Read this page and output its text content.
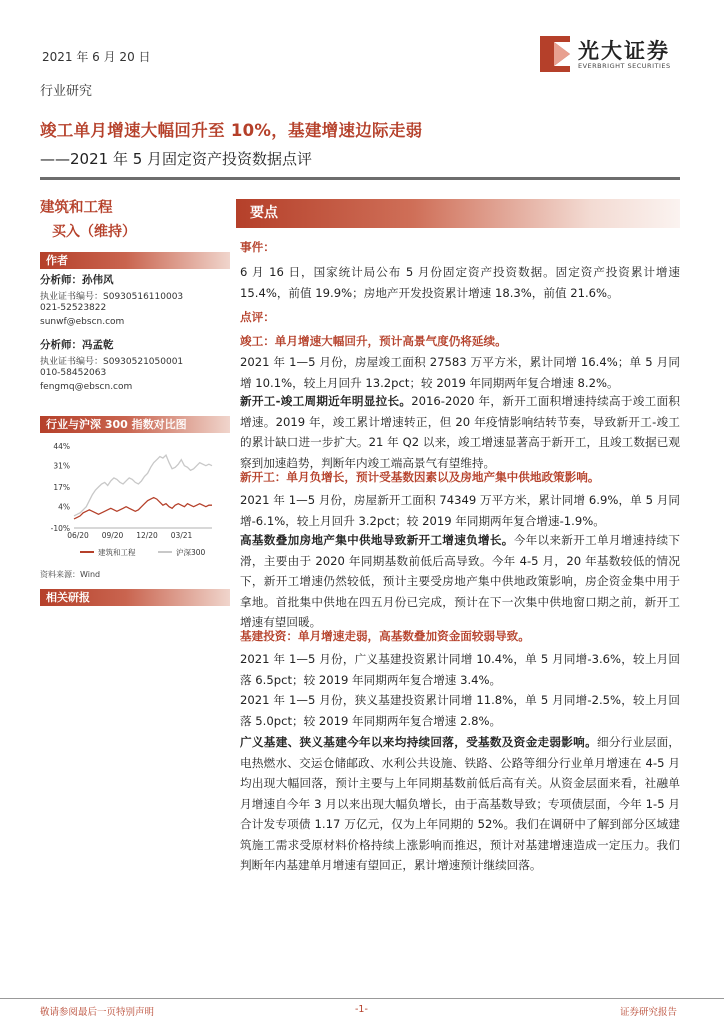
2021 年 6 月 20 日	光大证券
EVERBRIGHT SECURITIES
行业研究
竣工单月增速大幅回升至 10%，基建增速边际走弱
——2021 年 5 月固定资产投资数据点评
建筑和工程
买入（维持）
作者
分析师：孙伟风
执业证书编号：S0930516110003
021-52523822
sunwf@ebscn.com
分析师：冯孟乾
执业证书编号：S0930521050001
010-58452063
fengmq@ebscn.com
行业与沪深 300 指数对比图
44%
31%
17%
4%
-10%
06/20 09/20 12/20 03/21
建筑和工程	沪深300
资料来源：Wind
相关研报
要点
事件：
6 月 16 日，国家统计局公布 5 月份固定资产投资数据。固定资产投资累计增速 15.4%，前值 19.9%；房地产开发投资累计增速 18.3%，前值 21.6%。
点评：
竣工：单月增速大幅回升，预计高景气度仍将延续。
2021 年 1—5 月份，房屋竣工面积 27583 万平方米，累计同增 16.4%；单 5 月同增 10.1%，较上月回升 13.2pct；较 2019 年同期两年复合增速 8.2%。
新开工-竣工周期近年明显拉长。2016-2020 年，新开工面积增速持续高于竣工面积增速。2019 年，竣工累计增速转正，但 20 年疫情影响结转节奏，导致新开工-竣工的累计缺口进一步扩大。21 年 Q2 以来，竣工增速显著高于新开工，且竣工数据已观察到加速趋势，判断年内竣工端高景气有望维持。
新开工：单月负增长，预计受基数因素以及房地产集中供地政策影响。
2021 年 1—5 月份，房屋新开工面积 74349 万平方米，累计同增 6.9%，单 5 月同增-6.1%，较上月回升 3.2pct；较 2019 年同期两年复合增速-1.9%。
高基数叠加房地产集中供地导致新开工增速负增长。今年以来新开工单月增速持续下滑，主要由于 2020 年同期基数前低后高导致。今年 4-5 月，20 年基数较低的情况下，新开工增速仍然较低，预计主要受房地产集中供地政策影响，房企资金集中用于拿地。首批集中供地在四五月份已完成，预计在下一次集中供地窗口期之前，新开工增速有望回暖。
基建投资：单月增速走弱，高基数叠加资金面较弱导致。
2021 年 1—5 月份，广义基建投资累计同增 10.4%，单 5 月同增-3.6%，较上月回落 6.5pct；较 2019 年同期两年复合增速 3.4%。
2021 年 1—5 月份，狭义基建投资累计同增 11.8%，单 5 月同增-2.5%，较上月回落 5.0pct；较 2019 年同期两年复合增速 2.8%。
广义基建、狭义基建今年以来均持续回落，受基数及资金走弱影响。细分行业层面，电热燃水、交运仓储邮政、水利公共设施、铁路、公路等细分行业单月增速在 4-5 月均出现大幅回落，预计主要与上年同期基数前低后高有关。从资金层面来看，社融单月增速自今年 3 月以来出现大幅负增长，由于高基数导致；专项债层面，今年 1-5 月合计发专项债 1.17 万亿元，仅为上年同期的 52%。我们在调研中了解到部分区域建筑施工需求受原材料价格持续上涨影响而推迟，预计对基建增速造成一定压力。我们判断年内基建单月增速有望回正，累计增速预计继续回落。
敬请参阅最后一页特别声明	-1-	证券研究报告
